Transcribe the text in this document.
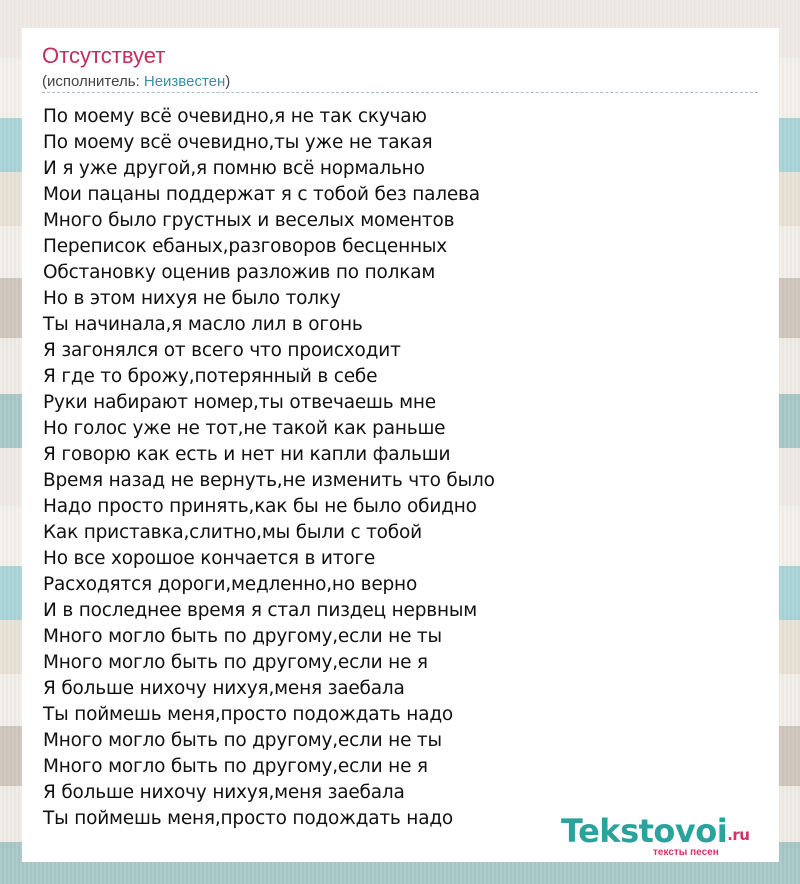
Отсутствует
(исполнитель: Неизвестен)
По моему всё очевидно,я не так скучаю
По моему всё очевидно,ты уже не такая
И я уже другой,я помню всё нормально
Мои пацаны поддержат я с тобой без палева
Много было грустных и веселых моментов
Переписок ебаных,разговоров бесценных
Обстановку оценив разложив по полкам
Но в этом нихуя не было толку
Ты начинала,я масло лил в огонь
Я загонялся от всего что происходит
Я где то брожу,потерянный в себе
Руки набирают номер,ты отвечаешь мне
Но голос уже не тот,не такой как раньше
Я говорю как есть и нет ни капли фальши
Время назад не вернуть,не изменить что было
Надо просто принять,как бы не было обидно
Как приставка,слитно,мы были с тобой
Но все хорошое кончается в итоге
Расходятся дороги,медленно,но верно
И в последнее время я стал пиздец нервным
Много могло быть по другому,если не ты
Много могло быть по другому,если не я
Я больше нихочу нихуя,меня заебала
Ты поймешь меня,просто подождать надо
Много могло быть по другому,если не ты
Много могло быть по другому,если не я
Я больше нихочу нихуя,меня заебала
Ты поймешь меня,просто подождать надо	Tekstovoi.ru
тексты песен
